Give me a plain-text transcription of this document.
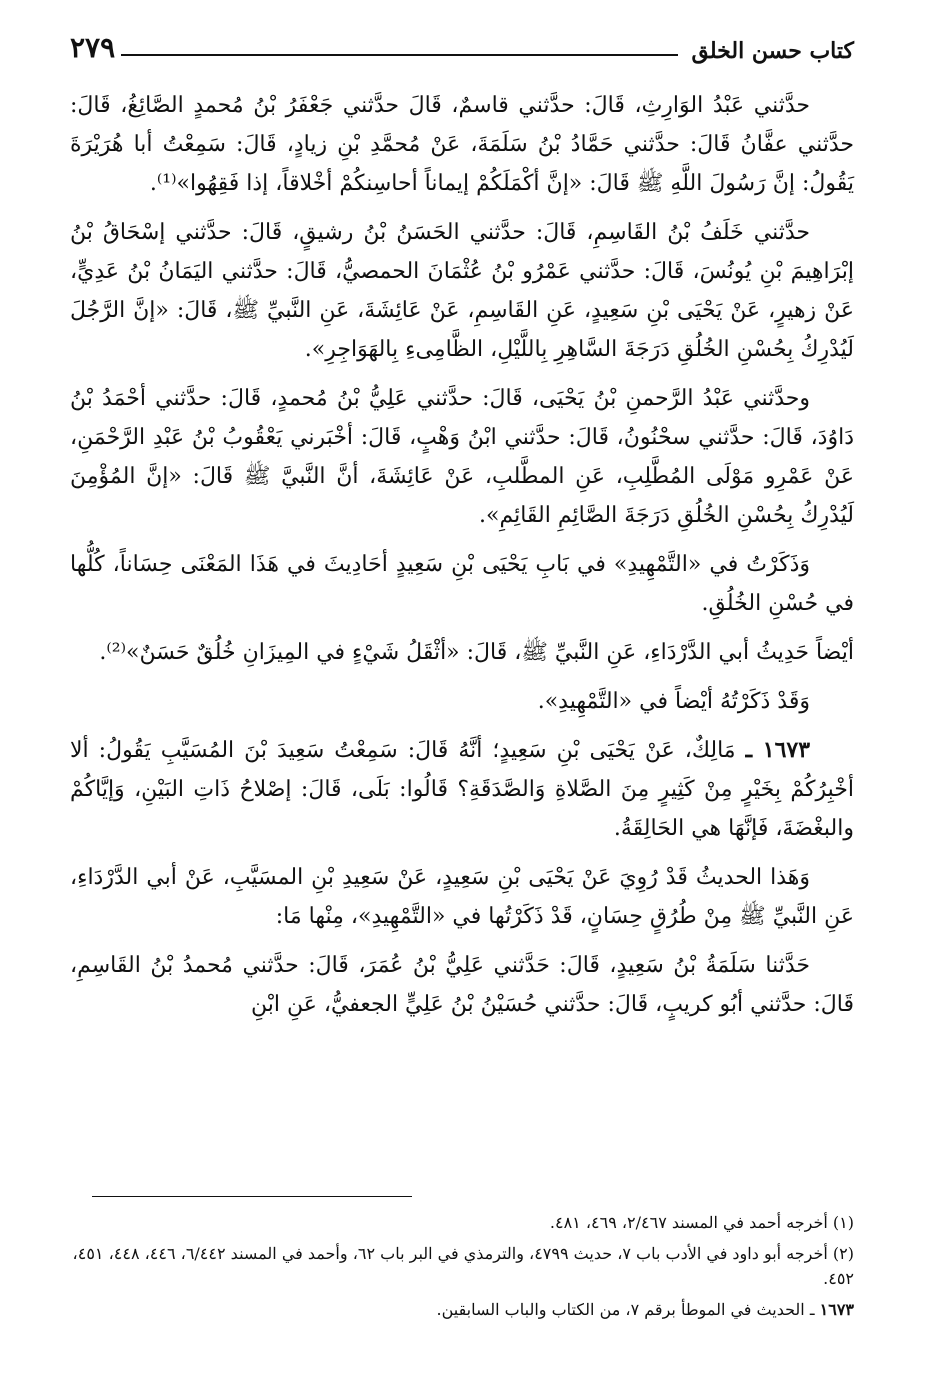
كتاب حسن الخلق
٢٧٩

حدَّثني عَبْدُ الوَارِثِ، قَالَ: حدَّثني قاسمٌ، قَالَ حدَّثني جَعْفَرُ بْنُ مُحمدٍ الصَّائِغُ، قَالَ: حدَّثني عفَّانُ قَالَ: حدَّثني حَمَّادُ بْنُ سَلَمَةَ، عَنْ مُحمَّدِ بْنِ زيادٍ، قَالَ: سَمِعْتُ أبا هُرَيْرَةَ يَقُولُ: إنَّ رَسُولَ اللَّهِ ﷺ قَالَ: «إنَّ أكْمَلَكُمْ إيماناً أحاسِنكُمْ أخْلاقاً، إذا فَقِهُوا»⁽¹⁾.

حدَّثني خَلَفُ بْنُ القَاسِمِ، قَالَ: حدَّثني الحَسَنُ بْنُ رشيقٍ، قَالَ: حدَّثني إسْحَاقُ بْنُ إبْرَاهِيمَ بْنِ يُونُسَ، قَالَ: حدَّثني عَمْرُو بْنُ عُثْمَانَ الحمصيُّ، قَالَ: حدَّثني اليَمَانُ بْنُ عَدِيٍّ، عَنْ زهيرٍ، عَنْ يَحْيَى بْنِ سَعِيدٍ، عَنِ القَاسِمِ، عَنْ عَائِشَةَ، عَنِ النَّبيِّ ﷺ، قَالَ: «إنَّ الرَّجُلَ لَيُدْرِكُ بِحُسْنِ الخُلُقِ دَرَجَةَ السَّاهِرِ بِاللَّيْلِ، الظَّامِىءِ بِالهَوَاجِرِ».

وحدَّثني عَبْدُ الرَّحمنِ بْنُ يَحْيَى، قَالَ: حدَّثني عَلِيُّ بْنُ مُحمدٍ، قَالَ: حدَّثني أحْمَدُ بْنُ دَاوُدَ، قَالَ: حدَّثني سحْنُونُ، قَالَ: حدَّثني ابْنُ وَهْبٍ، قَالَ: أخْبَرني يَعْقُوبُ بْنُ عَبْدِ الرَّحْمَنِ، عَنْ عَمْرِو مَوْلَى المُطَّلِبِ، عَنِ المطَّلبِ، عَنْ عَائِشَةَ، أنَّ النَّبيَّ ﷺ قَالَ: «إنَّ المُؤْمِنَ لَيُدْرِكُ بِحُسْنِ الخُلُقِ دَرَجَةَ الصَّائِمِ القَائِمِ».

وَذَكَرْتُ في «التَّمْهِيدِ» في بَابِ يَحْيَى بْنِ سَعِيدٍ أحَادِيثَ في هَذَا المَعْنَى حِسَاناً، كُلُّها في حُسْنِ الخُلُقِ.

أيْضاً حَدِيثُ أبي الدَّرْدَاءِ، عَنِ النَّبيِّ ﷺ، قَالَ: «أثْقَلُ شَيْءٍ في المِيزَانِ خُلُقٌ حَسَنٌ»⁽²⁾.

وَقَدْ ذَكَرْتُهُ أيْضاً في «التَّمْهِيدِ».

١٦٧٣ ـ مَالِكٌ، عَنْ يَحْيَى بْنِ سَعِيدٍ؛ أنَّهُ قَالَ: سَمِعْتُ سَعِيدَ بْنَ المُسَيَّبِ يَقُولُ: ألا أخْبِرُكُمْ بِخَيْرٍ مِنْ كَثِيرٍ مِنَ الصَّلاةِ وَالصَّدَقَةِ؟ قَالُوا: بَلَى، قَالَ: إصْلاحُ ذَاتِ البَيْنِ، وَإيَّاكُمْ والبغْضَةَ، فَإنَّهَا هي الحَالِقَةُ.

وَهَذا الحديثُ قَدْ رُوِيَ عَنْ يَحْيَى بْنِ سَعِيدٍ، عَنْ سَعِيدِ بْنِ المسَيَّبِ، عَنْ أبي الدَّرْدَاءِ، عَنِ النَّبيِّ ﷺ مِنْ طُرُقٍ حِسَانٍ، قَدْ ذَكَرْتُها في «التَّمْهِيدِ»، مِنْها مَا:

حَدَّثنا سَلَمَةُ بْنُ سَعِيدٍ، قَالَ: حَدَّثني عَلِيُّ بْنُ عُمَرَ، قَالَ: حدَّثني مُحمدُ بْنُ القَاسِمِ، قَالَ: حدَّثني أبُو كريبٍ، قَالَ: حدَّثني حُسَيْنُ بْنُ عَلِيٍّ الجعفيُّ، عَنِ ابْنِ

(١) أخرجه أحمد في المسند ٢/٤٦٧، ٤٦٩، ٤٨١.

(٢) أخرجه أبو داود في الأدب باب ٧، حديث ٤٧٩٩، والترمذي في البر باب ٦٢، وأحمد في المسند ٦/٤٤٢، ٤٤٦، ٤٤٨، ٤٥١، ٤٥٢.

١٦٧٣ ـ الحديث في الموطأ برقم ٧، من الكتاب والباب السابقين.
